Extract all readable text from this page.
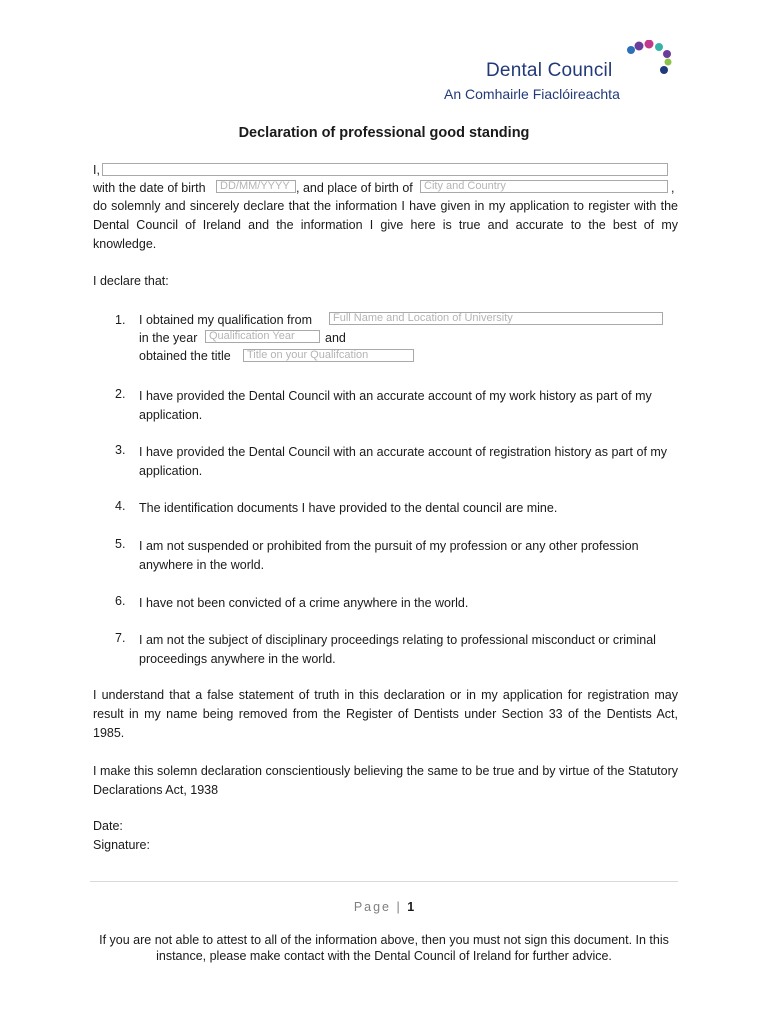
Dental Council
An Comhairle Fiaclóireachta
Declaration of professional good standing
I,
with the date of birth	DD/MM/YYYY , and place of birth of	City and Country	,
do solemnly and sincerely declare that the information I have given in my application to register with the Dental Council of Ireland and the information I give here is true and accurate to the best of my knowledge.
I declare that:
1. I obtained my qualification from	Full Name and Location of University
in the year	Qualification Year	and
obtained the title	Title on your Qualifcation
2. I have provided the Dental Council with an accurate account of my work history as part of my application.
3. I have provided the Dental Council with an accurate account of registration history as part of my application.
4. The identification documents I have provided to the dental council are mine.
5. I am not suspended or prohibited from the pursuit of my profession or any other profession anywhere in the world.
6. I have not been convicted of a crime anywhere in the world.
7. I am not the subject of disciplinary proceedings relating to professional misconduct or criminal proceedings anywhere in the world.
I understand that a false statement of truth in this declaration or in my application for registration may result in my name being removed from the Register of Dentists under Section 33 of the Dentists Act, 1985.
I make this solemn declaration conscientiously believing the same to be true and by virtue of the Statutory Declarations Act, 1938
Date:
Signature:
Page | 1
If you are not able to attest to all of the information above, then you must not sign this document. In this instance, please make contact with the Dental Council of Ireland for further advice.
